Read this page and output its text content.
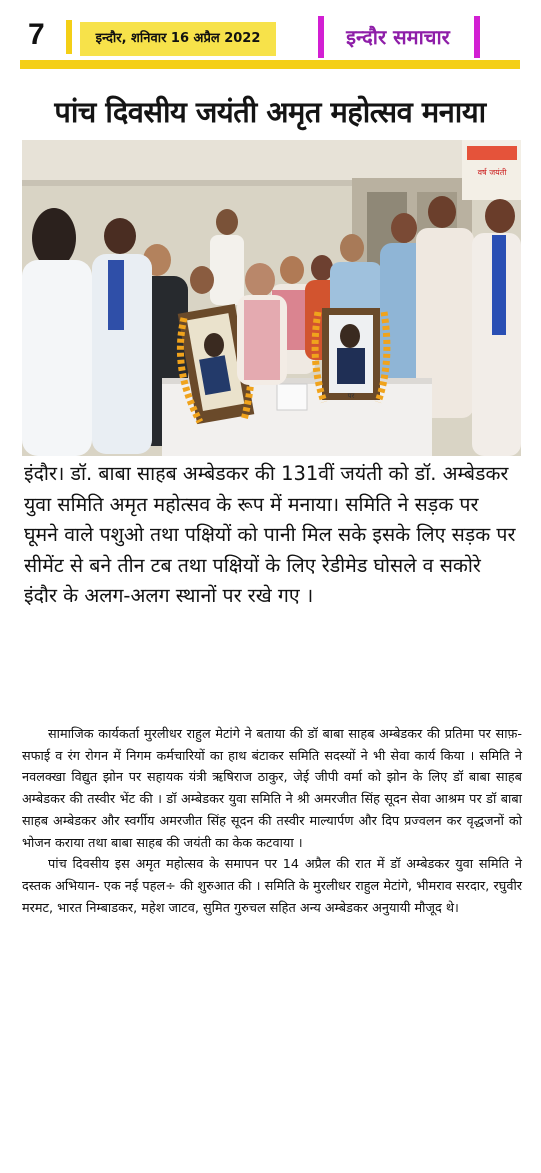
7	इन्दौर, शनिवार 16 अप्रैल 2022	इन्दौर समाचार
पांच दिवसीय जयंती अमृत महोत्सव मनाया
वर्ष जयंती
पर
इंदौर। डॉ. बाबा साहब अम्बेडकर की 131वीं जयंती को डॉ. अम्बेडकर युवा समिति अमृत महोत्सव के रूप में मनाया। समिति ने सड़क पर घूमने वाले पशुओ तथा पक्षियों को पानी मिल सके इसके लिए सड़क पर सीमेंट से बने तीन टब तथा पक्षियों के लिए रेडीमेड घोसले व सकोरे इंदौर के अलग-अलग स्थानों पर रखे गए ।

सामाजिक कार्यकर्ता मुरलीधर राहुल मेटांगे ने बताया की डॉ बाबा साहब अम्बेडकर की प्रतिमा पर साफ़-सफाई व रंग रोगन में निगम कर्मचारियों का हाथ बंटाकर समिति सदस्यों ने भी सेवा कार्य किया । समिति ने नवलक्खा विद्युत झोन पर सहायक यंत्री ऋषिराज ठाकुर, जेई जीपी वर्मा को झोन के लिए डॉ बाबा साहब अम्बेडकर की तस्वीर भेंट की । डॉ अम्बेडकर युवा समिति ने श्री अमरजीत सिंह सूदन सेवा आश्रम पर डॉ बाबा साहब अम्बेडकर और स्वर्गीय अमरजीत सिंह सूदन की तस्वीर माल्यार्पण और दिप प्रज्वलन कर वृद्धजनों को भोजन कराया तथा बाबा साहब की जयंती का केक कटवाया ।

पांच दिवसीय इस अमृत महोत्सव के समापन पर 14 अप्रैल की रात में डॉ अम्बेडकर युवा समिति ने दस्तक अभियान- एक नई पहल÷ की शुरुआत की । समिति के मुरलीधर राहुल मेटांगे, भीमराव सरदार, रघुवीर मरमट, भारत निम्बाडकर, महेश जाटव, सुमित गुरुचल सहित अन्य अम्बेडकर अनुयायी मौजूद थे।
